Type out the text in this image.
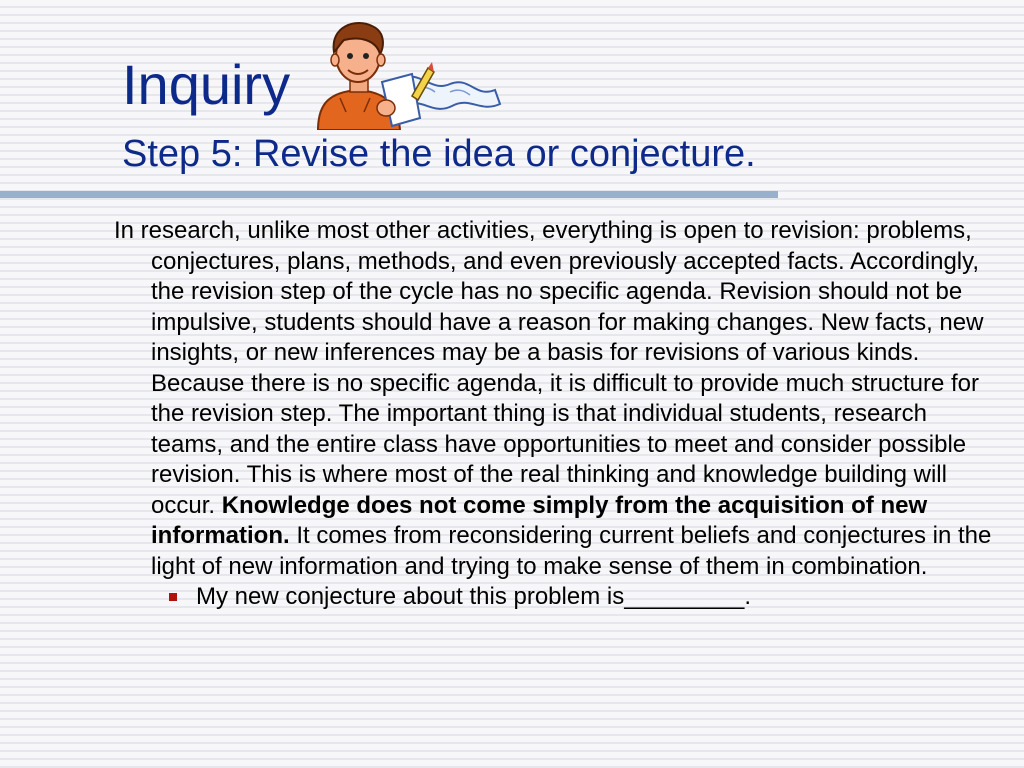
Inquiry
Step 5: Revise the idea or conjecture.

In research, unlike most other activities, everything is open to revision: problems, conjectures, plans, methods, and even previously accepted facts. Accordingly, the revision step of the cycle has no specific agenda. Revision should not be impulsive, students should have a reason for making changes. New facts, new insights, or new inferences may be a basis for revisions of various kinds. Because there is no specific agenda, it is difficult to provide much structure for the revision step. The important thing is that individual students, research teams, and the entire class have opportunities to meet and consider possible revision. This is where most of the real thinking and knowledge building will occur. Knowledge does not come simply from the acquisition of new information. It comes from reconsidering current beliefs and conjectures in the light of new information and trying to make sense of them in combination.

My new conjecture about this problem is_________.
